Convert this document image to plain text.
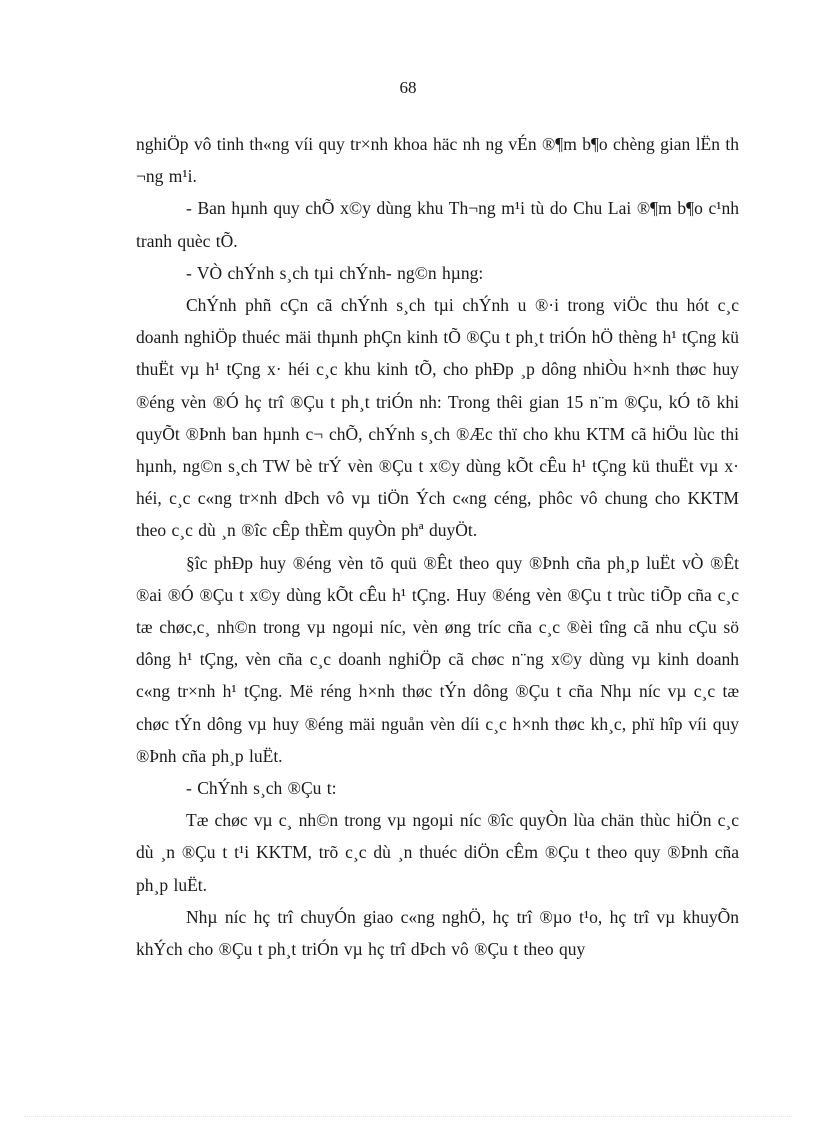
68

nghiÖp vô tinh th«ng víi quy tr×nh khoa häc nh ng vÉn ®¶m b¶o chèng gian lËn th ¬ng m¹i.

- Ban hµnh quy chÕ x©y dùng khu Th¬ng m¹i tù do Chu Lai ®¶m b¶o c¹nh tranh quèc tÕ.

- VÒ chÝnh s¸ch tµi chÝnh- ng©n hµng:

ChÝnh phñ cÇn cã chÝnh s¸ch tµi chÝnh u ®·i trong viÖc thu hót c¸c doanh nghiÖp thuéc mäi thµnh phÇn kinh tÕ ®Çu t ph¸t triÓn hÖ thèng h¹ tÇng kü thuËt vµ h¹ tÇng x· héi c¸c khu kinh tÕ, cho phÐp ¸p dông nhiÒu h×nh thøc huy ®éng vèn ®Ó hç trî ®Çu t ph¸t triÓn nh: Trong thêi gian 15 n¨m ®Çu, kÓ tõ khi quyÕt ®Þnh ban hµnh c¬ chÕ, chÝnh s¸ch ®Æc thï cho khu KTM cã hiÖu lùc thi hµnh, ng©n s¸ch TW bè trÝ vèn ®Çu t x©y dùng kÕt cÊu h¹ tÇng kü thuËt vµ x· héi, c¸c c«ng tr×nh dÞch vô vµ tiÖn Ých c«ng céng, phôc vô chung cho KKTM theo c¸c dù ¸n ®îc cÊp thÈm quyÒn phª duyÖt.

§îc phÐp huy ®éng vèn tõ quü ®Êt theo quy ®Þnh cña ph¸p luËt vÒ ®Êt ®ai ®Ó ®Çu t x©y dùng kÕt cÊu h¹ tÇng. Huy ®éng vèn ®Çu t trùc tiÕp cña c¸c tæ chøc,c¸ nh©n trong vµ ngoµi níc, vèn øng tríc cña c¸c ®èi tîng cã nhu cÇu sö dông h¹ tÇng, vèn cña c¸c doanh nghiÖp cã chøc n¨ng x©y dùng vµ kinh doanh c«ng tr×nh h¹ tÇng. Më réng h×nh thøc tÝn dông ®Çu t cña Nhµ níc vµ c¸c tæ chøc tÝn dông vµ huy ®éng mäi nguån vèn díi c¸c h×nh thøc kh¸c, phï hîp víi quy ®Þnh cña ph¸p luËt.

- ChÝnh s¸ch ®Çu t:

Tæ chøc vµ c¸ nh©n trong vµ ngoµi níc ®îc quyÒn lùa chän thùc hiÖn c¸c dù ¸n ®Çu t t¹i KKTM, trõ c¸c dù ¸n thuéc diÖn cÊm ®Çu t theo quy ®Þnh cña ph¸p luËt.

Nhµ níc hç trî chuyÓn giao c«ng nghÖ, hç trî ®µo t¹o, hç trî vµ khuyÕn khÝch cho ®Çu t ph¸t triÓn vµ hç trî dÞch vô ®Çu t theo quy
